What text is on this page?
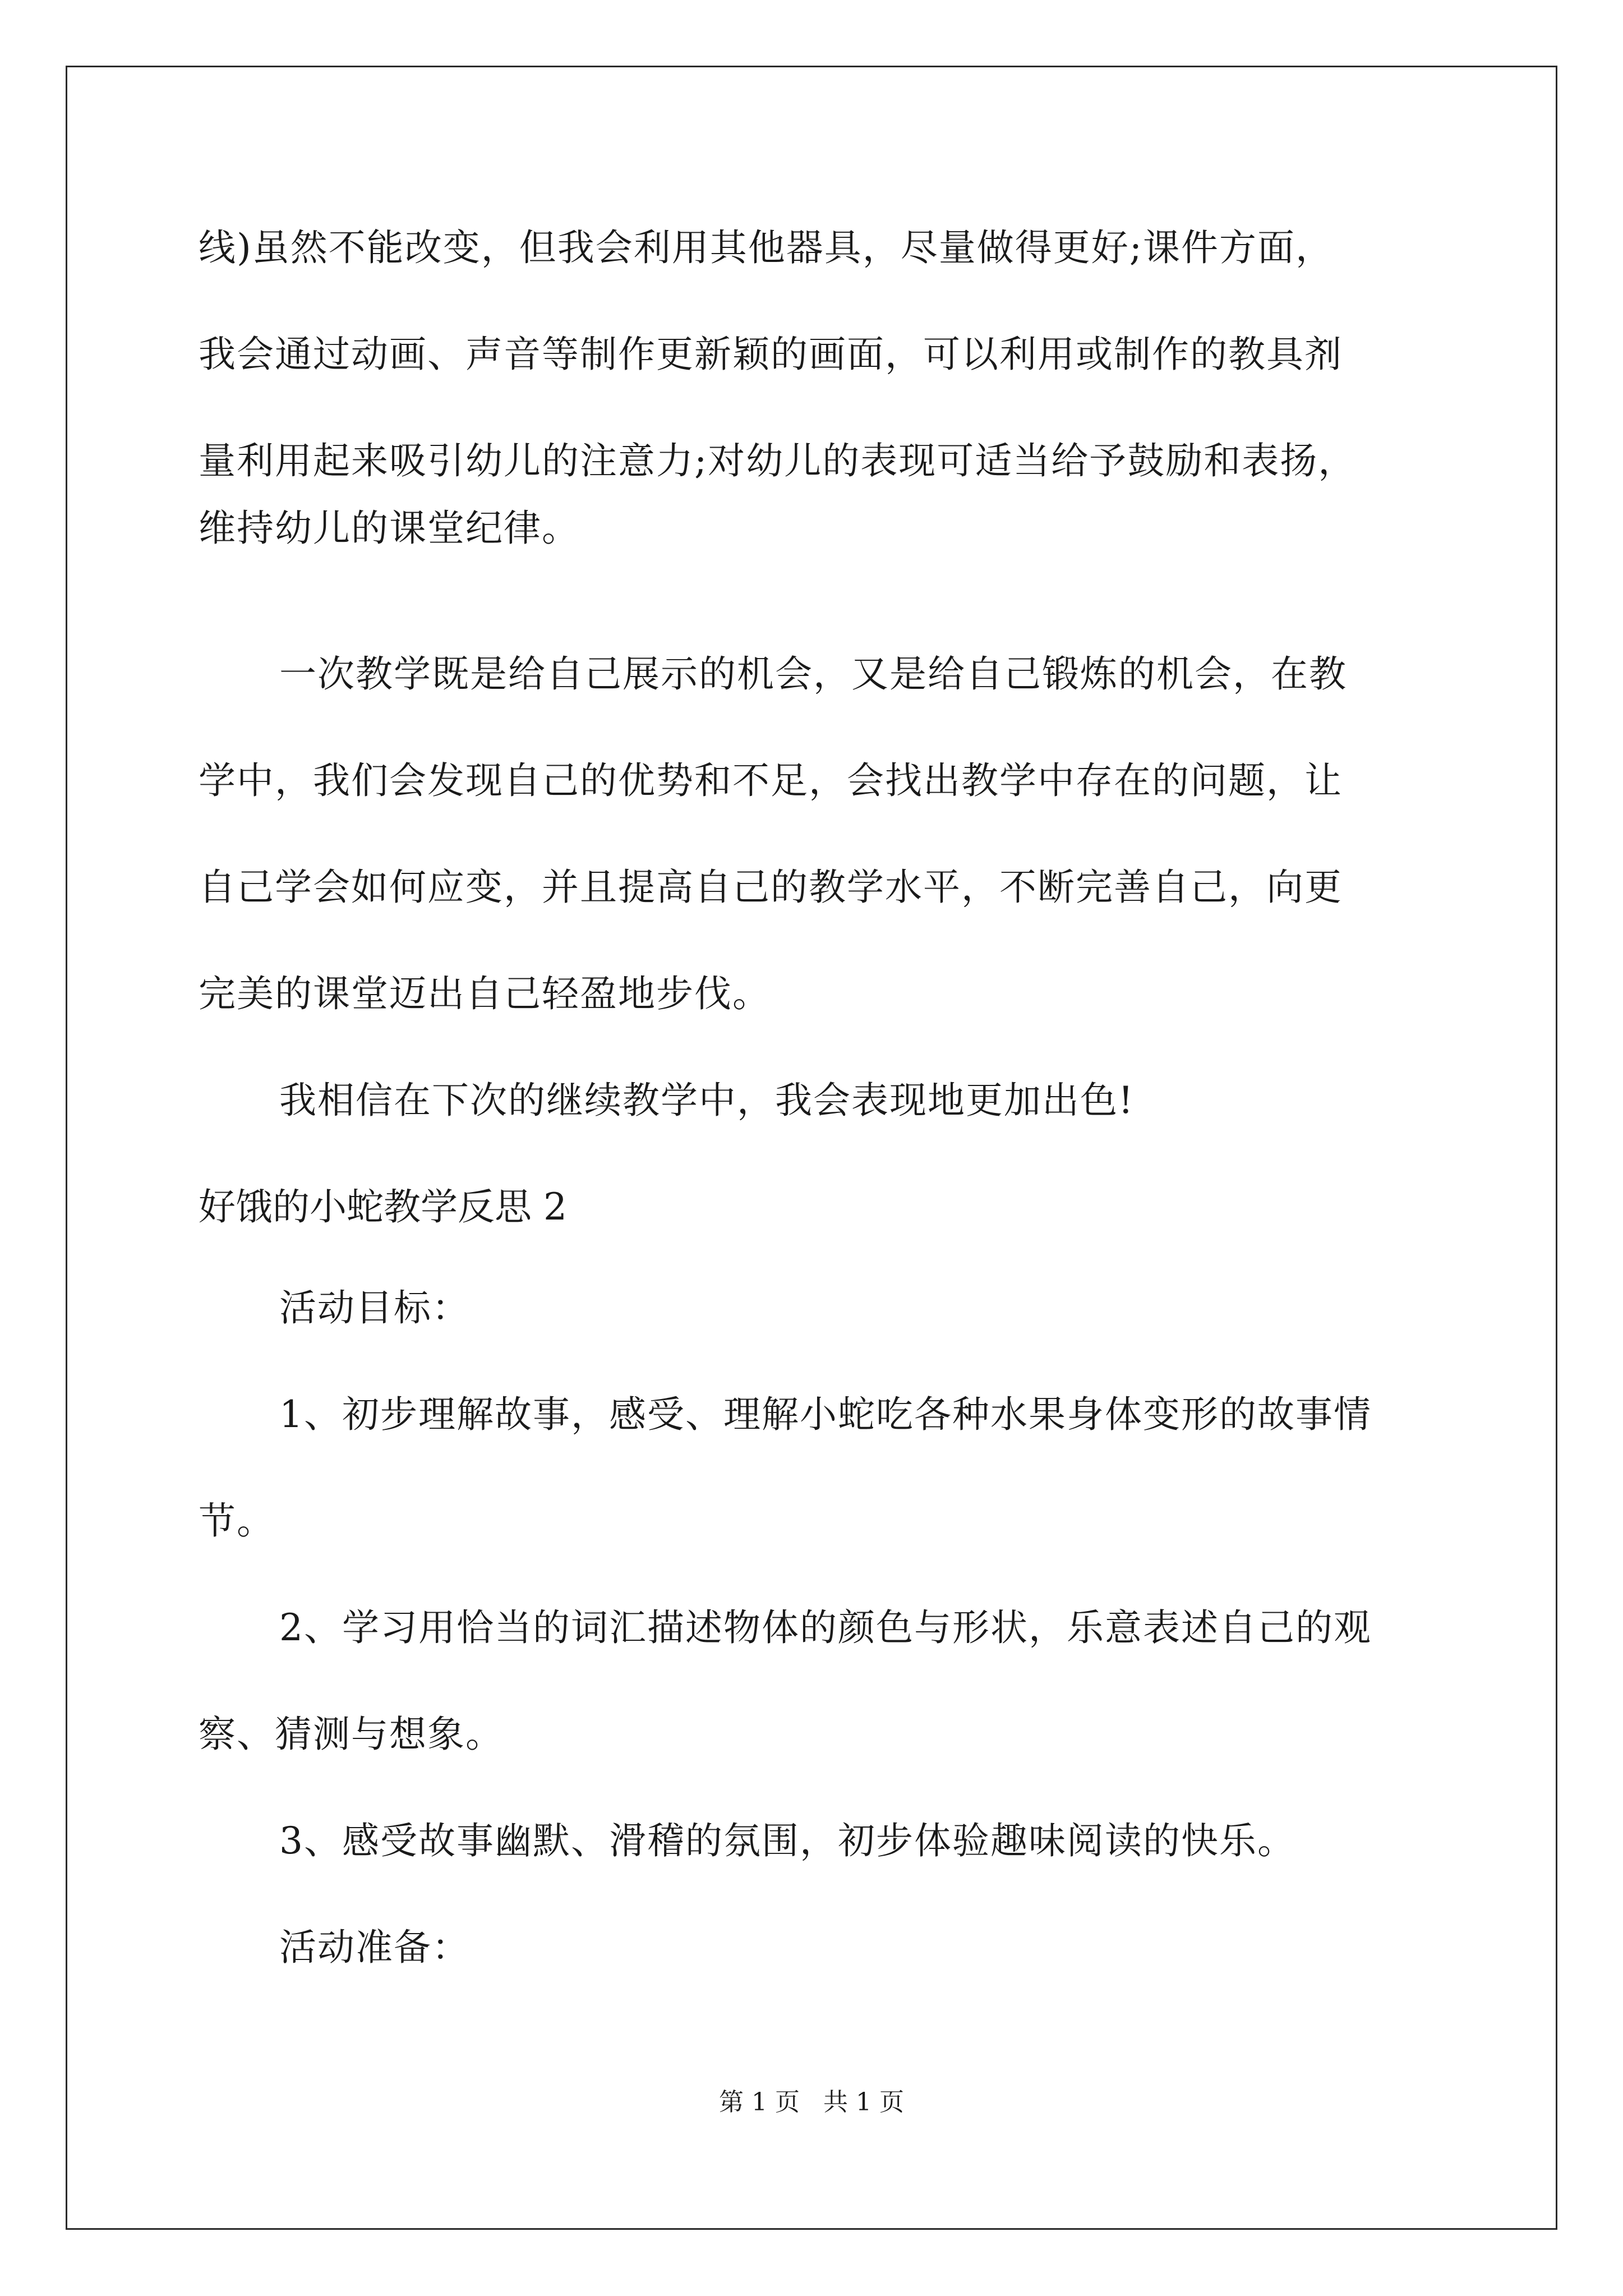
线)虽然不能改变，但我会利用其他器具，尽量做得更好;课件方面，
我会通过动画、声音等制作更新颖的画面，可以利用或制作的教具剂
量利用起来吸引幼儿的注意力;对幼儿的表现可适当给予鼓励和表扬，
维持幼儿的课堂纪律。
一次教学既是给自己展示的机会，又是给自己锻炼的机会，在教
学中，我们会发现自己的优势和不足，会找出教学中存在的问题，让
自己学会如何应变，并且提高自己的教学水平，不断完善自己，向更
完美的课堂迈出自己轻盈地步伐。
我相信在下次的继续教学中，我会表现地更加出色!
好饿的小蛇教学反思 2
活动目标：
1、初步理解故事，感受、理解小蛇吃各种水果身体变形的故事情
节。
2、学习用恰当的词汇描述物体的颜色与形状，乐意表述自己的观
察、猜测与想象。
3、感受故事幽默、滑稽的氛围，初步体验趣味阅读的快乐。
活动准备：
第 1 页   共 1 页
